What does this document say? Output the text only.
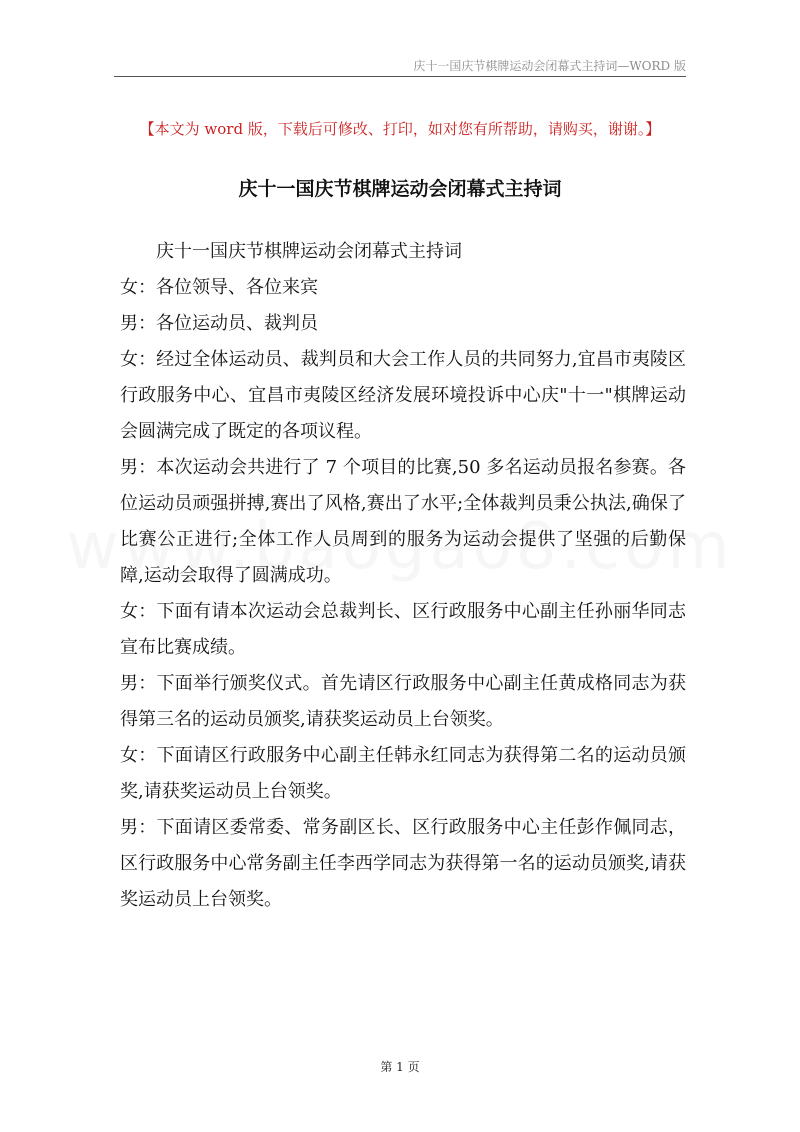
庆十一国庆节棋牌运动会闭幕式主持词—WORD 版
【本文为 word 版，下载后可修改、打印，如对您有所帮助，请购买，谢谢。】
庆十一国庆节棋牌运动会闭幕式主持词

庆十一国庆节棋牌运动会闭幕式主持词

女：各位领导、各位来宾

男：各位运动员、裁判员

女：经过全体运动员、裁判员和大会工作人员的共同努力,宜昌市夷陵区行政服务中心、宜昌市夷陵区经济发展环境投诉中心庆"十一"棋牌运动会圆满完成了既定的各项议程。

男：本次运动会共进行了 7 个项目的比赛,50 多名运动员报名参赛。各位运动员顽强拼搏,赛出了风格,赛出了水平;全体裁判员秉公执法,确保了比赛公正进行;全体工作人员周到的服务为运动会提供了坚强的后勤保障,运动会取得了圆满成功。

女：下面有请本次运动会总裁判长、区行政服务中心副主任孙丽华同志宣布比赛成绩。

男：下面举行颁奖仪式。首先请区行政服务中心副主任黄成格同志为获得第三名的运动员颁奖,请获奖运动员上台领奖。

女：下面请区行政服务中心副主任韩永红同志为获得第二名的运动员颁奖,请获奖运动员上台领奖。

男：下面请区委常委、常务副区长、区行政服务中心主任彭作佩同志，区行政服务中心常务副主任李西学同志为获得第一名的运动员颁奖,请获奖运动员上台领奖。

第 1 页
